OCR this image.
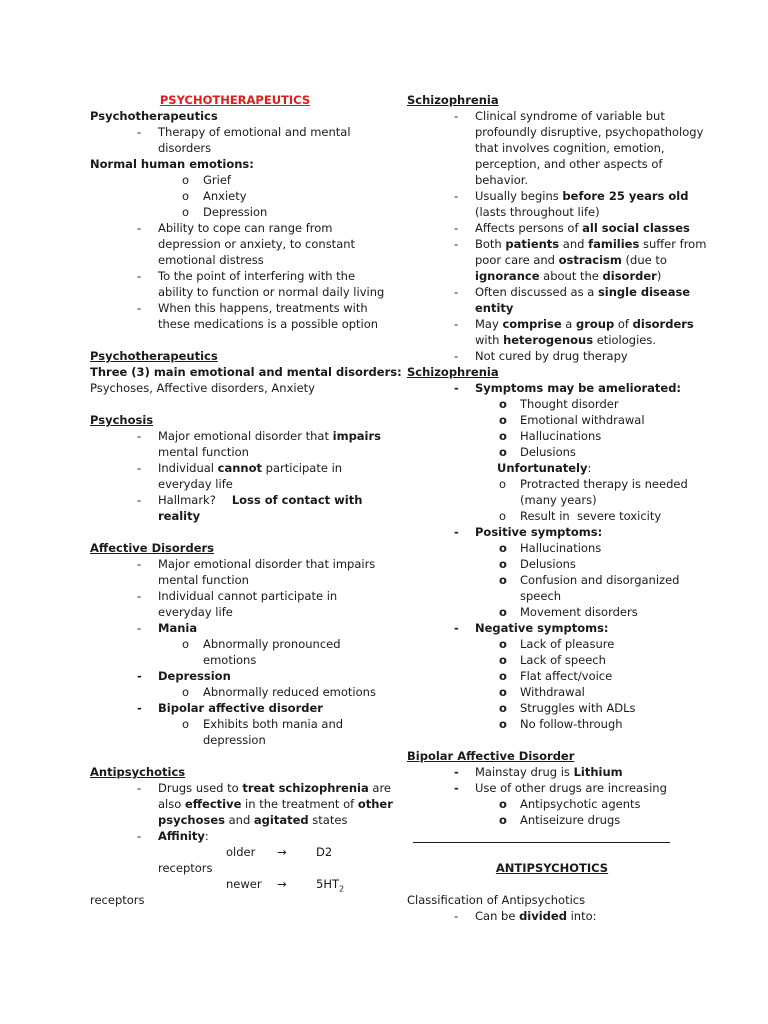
PSYCHOTHERAPEUTICS
Psychotherapeutics
- Therapy of emotional and mental
disorders
Normal human emotions:
o Grief
o Anxiety
o Depression
- Ability to cope can range from
depression or anxiety, to constant
emotional distress
- To the point of interfering with the
ability to function or normal daily living
- When this happens, treatments with
these medications is a possible option
Psychotherapeutics
Three (3) main emotional and mental disorders:
Psychoses, Affective disorders, Anxiety
Psychosis
- Major emotional disorder that impairs
mental function
- Individual cannot participate in
everyday life
- Hallmark? Loss of contact with
reality
Affective Disorders
- Major emotional disorder that impairs
mental function
- Individual cannot participate in
everyday life
- Mania
o Abnormally pronounced
emotions
- Depression
o Abnormally reduced emotions
- Bipolar affective disorder
o Exhibits both mania and
depression
Antipsychotics
- Drugs used to treat schizophrenia are
also effective in the treatment of other
psychoses and agitated states
- Affinity:
older →	D2
receptors
newer →	$5HT_2$
receptors
Schizophrenia
- Clinical syndrome of variable but
profoundly disruptive, psychopathology
that involves cognition, emotion,
perception, and other aspects of
behavior.
- Usually begins before 25 years old
(lasts throughout life)
- Affects persons of all social classes
- Both patients and families suffer from
poor care and ostracism (due to
ignorance about the disorder)
- Often discussed as a single disease
entity
- May comprise a group of disorders
with heterogenous etiologies.
- Not cured by drug therapy
Schizophrenia
- Symptoms may be ameliorated:
o Thought disorder
o Emotional withdrawal
o Hallucinations
o Delusions
Unfortunately:
o Protracted therapy is needed
(many years)
o Result in  severe toxicity
- Positive symptoms:
o Hallucinations
o Delusions
o Confusion and disorganized
speech
o Movement disorders
- Negative symptoms:
o Lack of pleasure
o Lack of speech
o Flat affect/voice
o Withdrawal
o Struggles with ADLs
o No follow-through
Bipolar Affective Disorder
- Mainstay drug is Lithium
- Use of other drugs are increasing
o Antipsychotic agents
o Antiseizure drugs
ANTIPSYCHOTICS
Classification of Antipsychotics
- Can be divided into:
